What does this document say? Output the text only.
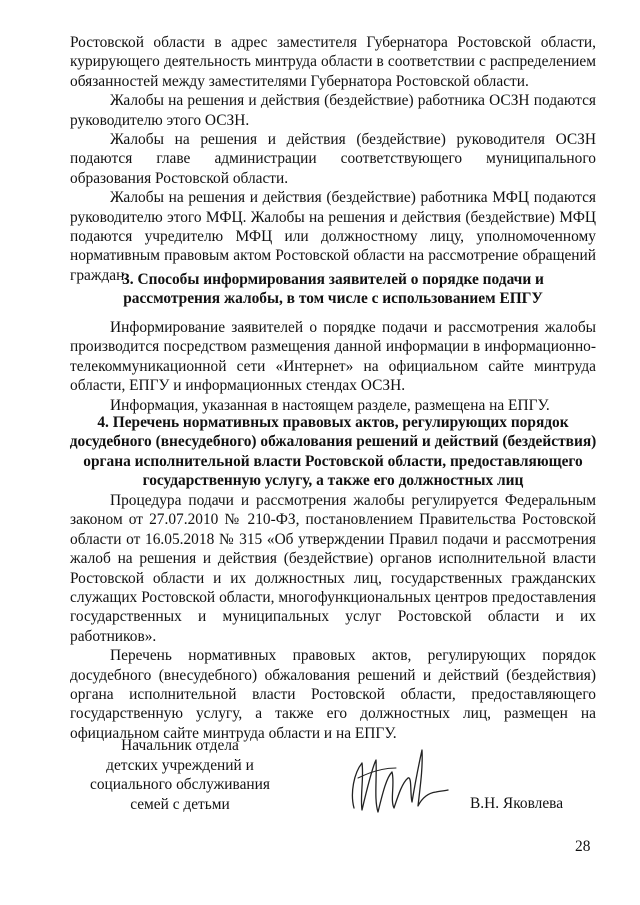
Ростовской области в адрес заместителя Губернатора Ростовской области, курирующего деятельность минтруда области в соответствии с распределением обязанностей между заместителями Губернатора Ростовской области.

Жалобы на решения и действия (бездействие) работника ОСЗН подаются руководителю этого ОСЗН.

Жалобы на решения и действия (бездействие) руководителя ОСЗН подаются главе администрации соответствующего муниципального образования Ростовской области.

Жалобы на решения и действия (бездействие) работника МФЦ подаются руководителю этого МФЦ. Жалобы на решения и действия (бездействие) МФЦ подаются учредителю МФЦ или должностному лицу, уполномоченному нормативным правовым актом Ростовской области на рассмотрение обращений граждан.

3. Способы информирования заявителей о порядке подачи и
рассмотрения жалобы, в том числе с использованием ЕПГУ

Информирование заявителей о порядке подачи и рассмотрения жалобы производится посредством размещения данной информации в информационно-телекоммуникационной сети «Интернет» на официальном сайте минтруда области, ЕПГУ и информационных стендах ОСЗН.

Информация, указанная в настоящем разделе, размещена на ЕПГУ.

4. Перечень нормативных правовых актов, регулирующих порядок
досудебного (внесудебного) обжалования решений и действий (бездействия)
органа исполнительной власти Ростовской области, предоставляющего
государственную услугу, а также его должностных лиц

Процедура подачи и рассмотрения жалобы регулируется Федеральным законом от 27.07.2010 № 210-ФЗ, постановлением Правительства Ростовской области от 16.05.2018 № 315 «Об утверждении Правил подачи и рассмотрения жалоб на решения и действия (бездействие) органов исполнительной власти Ростовской области и их должностных лиц, государственных гражданских служащих Ростовской области, многофункциональных центров предоставления государственных и муниципальных услуг Ростовской области и их работников».

Перечень нормативных правовых актов, регулирующих порядок досудебного (внесудебного) обжалования решений и действий (бездействия) органа исполнительной власти Ростовской области, предоставляющего государственную услугу, а также его должностных лиц, размещен на официальном сайте минтруда области и на ЕПГУ.

Начальник отдела
детских учреждений и
социального обслуживания
семей с детьми	В.Н. Яковлева
28
